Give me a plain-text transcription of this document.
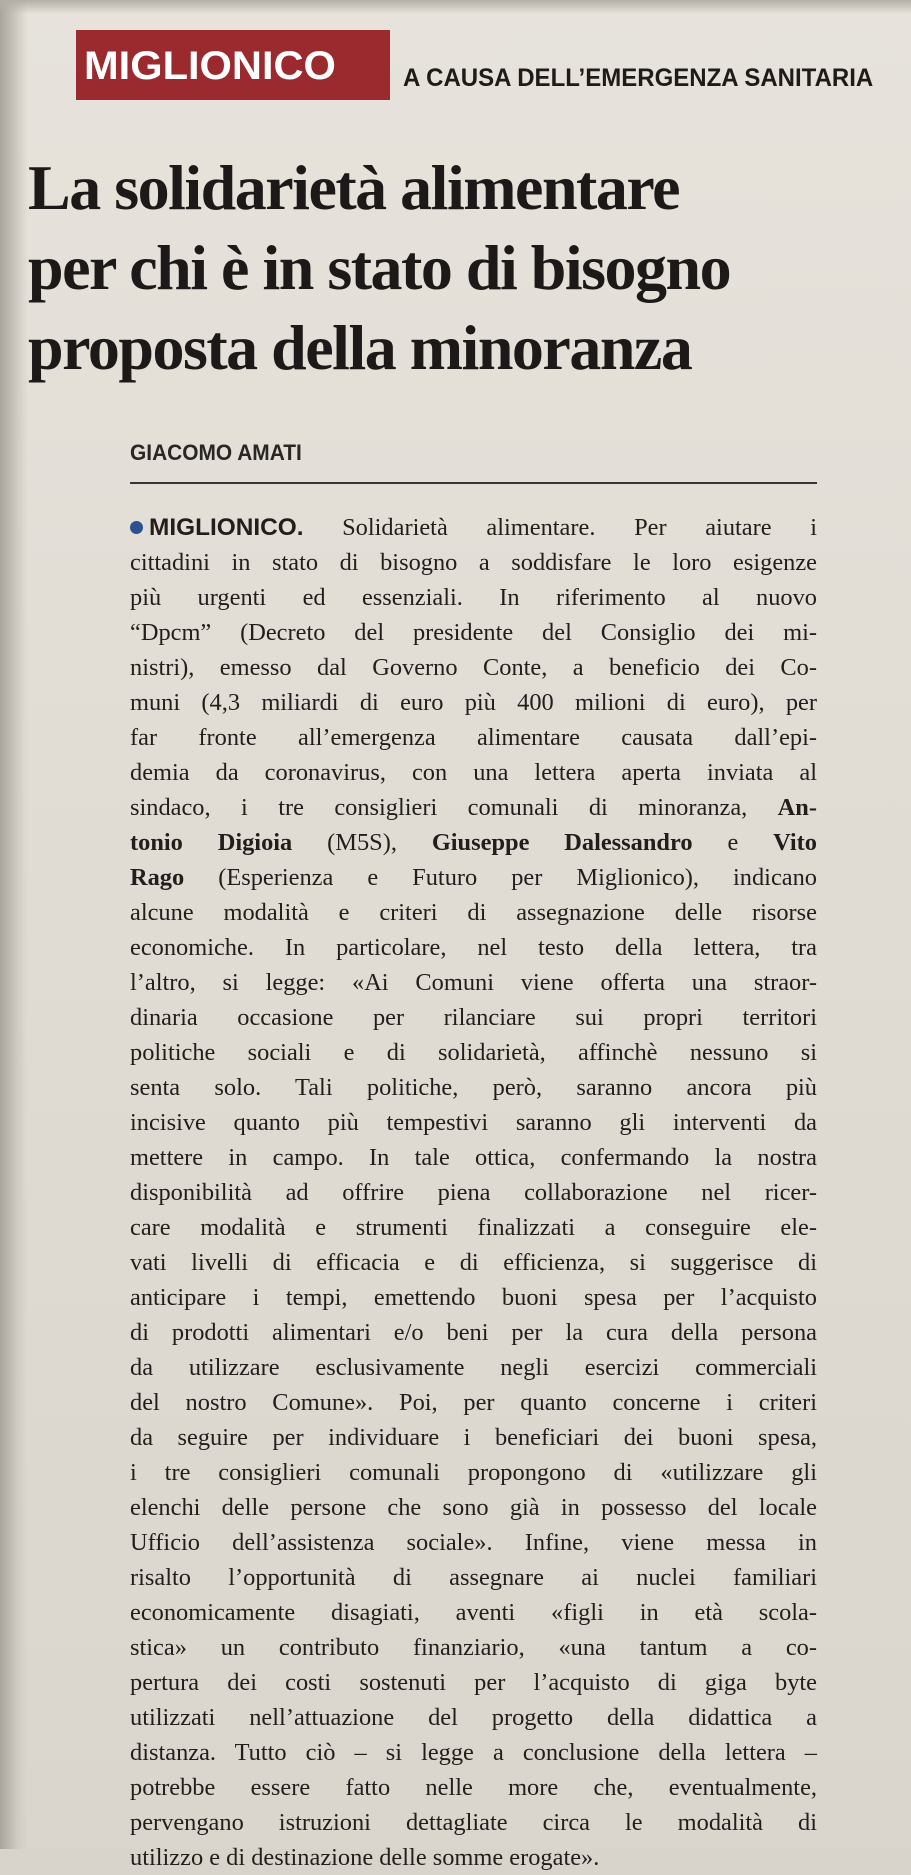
MIGLIONICO	A CAUSA DELL’EMERGENZA SANITARIA
La solidarietà alimentare
per chi è in stato di bisogno
proposta della minoranza
GIACOMO AMATI
MIGLIONICO. Solidarietà alimentare. Per aiutare i
cittadini in stato di bisogno a soddisfare le loro esigenze
più urgenti ed essenziali. In riferimento al nuovo
“Dpcm” (Decreto del presidente del Consiglio dei mi-
nistri), emesso dal Governo Conte, a beneficio dei Co-
muni (4,3 miliardi di euro più 400 milioni di euro), per
far fronte all’emergenza alimentare causata dall’epi-
demia da coronavirus, con una lettera aperta inviata al
sindaco, i tre consiglieri comunali di minoranza, An-
tonio Digioia (M5S), Giuseppe Dalessandro e Vito
Rago (Esperienza e Futuro per Miglionico), indicano
alcune modalità e criteri di assegnazione delle risorse
economiche. In particolare, nel testo della lettera, tra
l’altro, si legge: «Ai Comuni viene offerta una straor-
dinaria occasione per rilanciare sui propri territori
politiche sociali e di solidarietà, affinchè nessuno si
senta solo. Tali politiche, però, saranno ancora più
incisive quanto più tempestivi saranno gli interventi da
mettere in campo. In tale ottica, confermando la nostra
disponibilità ad offrire piena collaborazione nel ricer-
care modalità e strumenti finalizzati a conseguire ele-
vati livelli di efficacia e di efficienza, si suggerisce di
anticipare i tempi, emettendo buoni spesa per l’acquisto
di prodotti alimentari e/o beni per la cura della persona
da utilizzare esclusivamente negli esercizi commerciali
del nostro Comune». Poi, per quanto concerne i criteri
da seguire per individuare i beneficiari dei buoni spesa,
i tre consiglieri comunali propongono di «utilizzare gli
elenchi delle persone che sono già in possesso del locale
Ufficio dell’assistenza sociale». Infine, viene messa in
risalto l’opportunità di assegnare ai nuclei familiari
economicamente disagiati, aventi «figli in età scola-
stica» un contributo finanziario, «una tantum a co-
pertura dei costi sostenuti per l’acquisto di giga byte
utilizzati nell’attuazione del progetto della didattica a
distanza. Tutto ciò – si legge a conclusione della lettera –
potrebbe essere fatto nelle more che, eventualmente,
pervengano istruzioni dettagliate circa le modalità di
utilizzo e di destinazione delle somme erogate».
